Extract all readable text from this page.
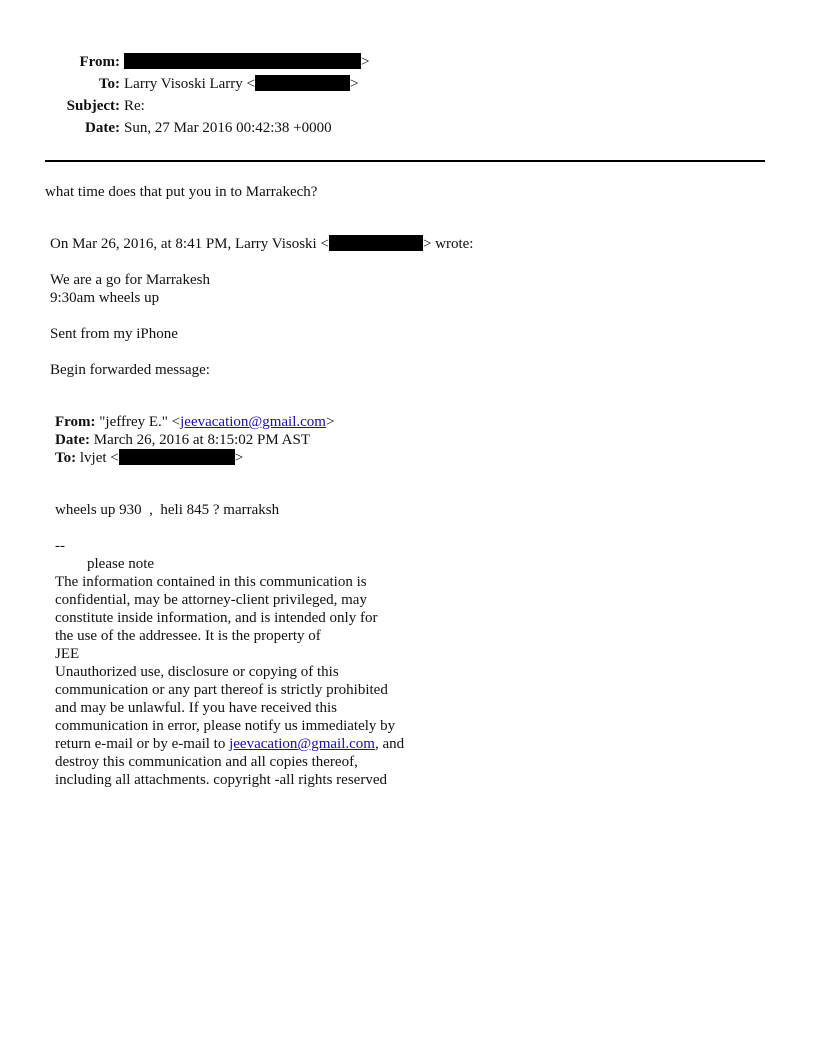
From:	>
To: Larry Visoski Larry <	>
Subject: Re:
Date: Sun, 27 Mar 2016 00:42:38 +0000
what time does that put you in to Marrakech?
On Mar 26, 2016, at 8:41 PM, Larry Visoski <	> wrote:
We are a go for Marrakesh
9:30am wheels up
Sent from my iPhone
Begin forwarded message:
From: "jeffrey E." <jeevacation@gmail.com>
Date: March 26, 2016 at 8:15:02 PM AST
To: lvjet <	>
wheels up 930  ,  heli 845 ? marraksh
--
please note
The information contained in this communication is
confidential, may be attorney-client privileged, may
constitute inside information, and is intended only for
the use of the addressee. It is the property of
JEE
Unauthorized use, disclosure or copying of this
communication or any part thereof is strictly prohibited
and may be unlawful. If you have received this
communication in error, please notify us immediately by
return e-mail or by e-mail to jeevacation@gmail.com, and
destroy this communication and all copies thereof,
including all attachments. copyright -all rights reserved
